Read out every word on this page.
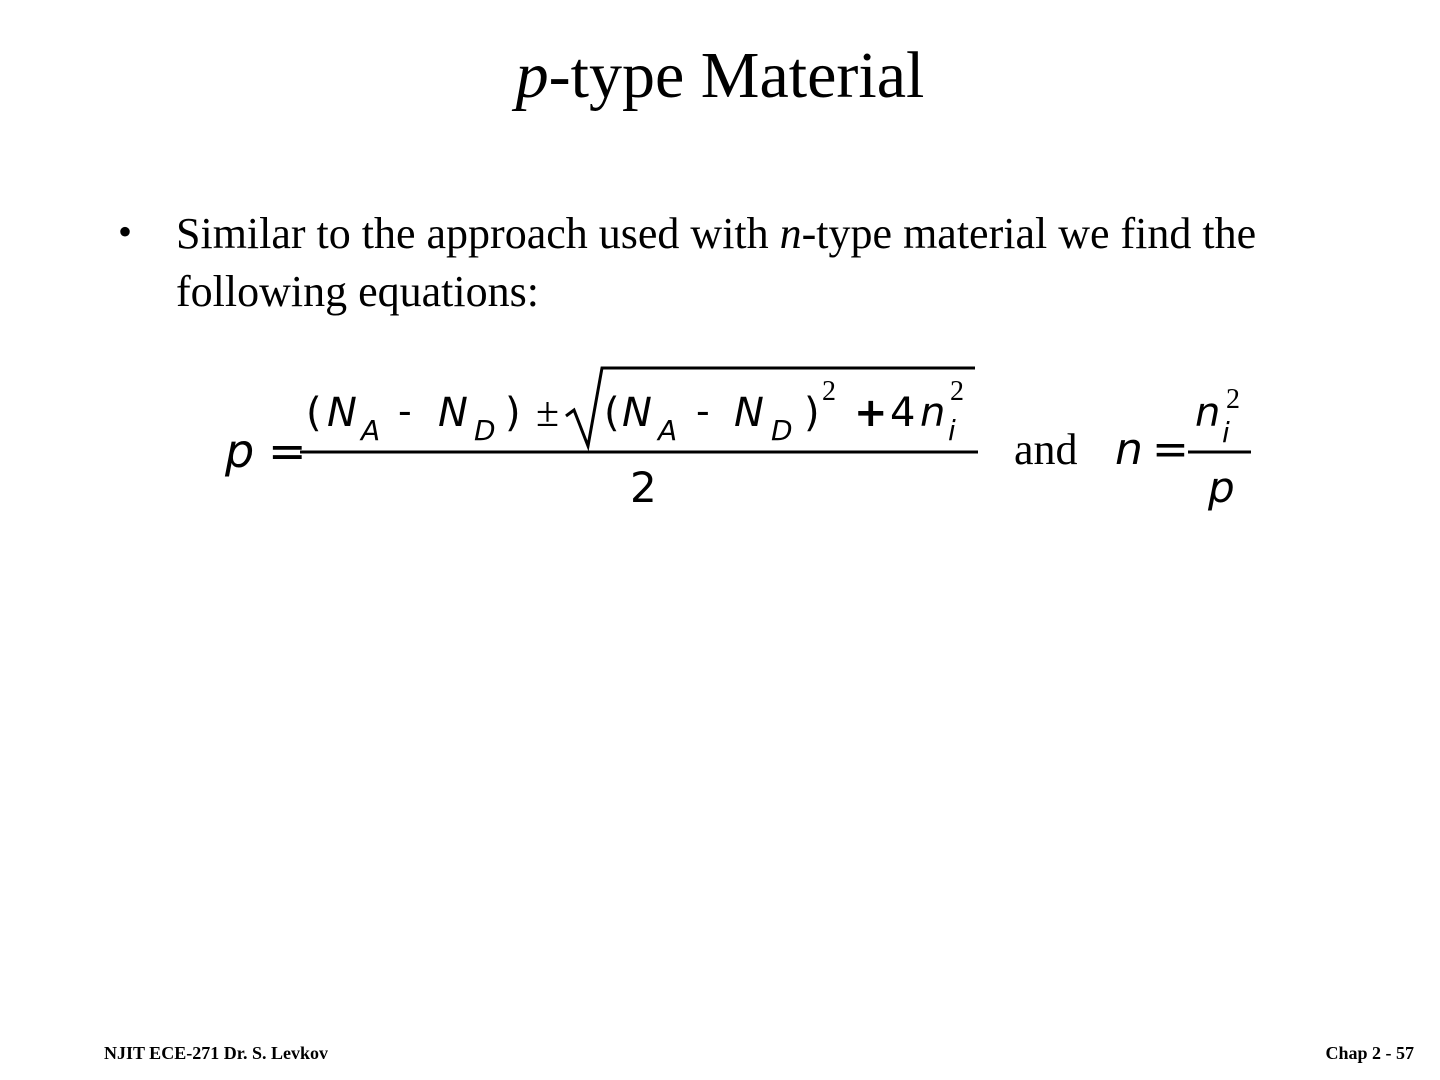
p-type Material
• Similar to the approach used with n-type material we find the following equations:
p =
( N A - N D ) ± ( N A - N D ) 2 + 4 n i
2
2
and n =
n i
2
p
NJIT ECE-271 Dr. S. Levkov	Chap 2 - 57
